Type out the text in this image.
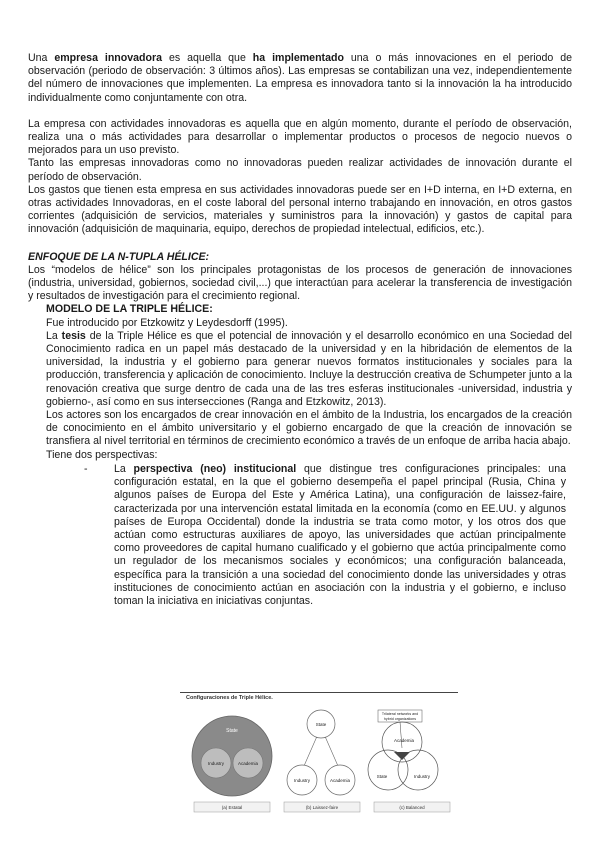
Una empresa innovadora es aquella que ha implementado una o más innovaciones en el periodo de observación (periodo de observación: 3 últimos años). Las empresas se contabilizan una vez, independientemente del número de innovaciones que implementen. La empresa es innovadora tanto si la innovación la ha introducido individualmente como conjuntamente con otra.

La empresa con actividades innovadoras es aquella que en algún momento, durante el período de observación, realiza una o más actividades para desarrollar o implementar productos o procesos de negocio nuevos o mejorados para un uso previsto.

Tanto las empresas innovadoras como no innovadoras pueden realizar actividades de innovación durante el período de observación.

Los gastos que tienen esta empresa en sus actividades innovadoras puede ser en I+D interna, en I+D externa, en otras actividades Innovadoras, en el coste laboral del personal interno trabajando en innovación, en otros gastos corrientes (adquisición de servicios, materiales y suministros para la innovación) y gastos de capital para innovación (adquisición de maquinaria, equipo, derechos de propiedad intelectual, edificios, etc.).

ENFOQUE DE LA N-TUPLA HÉLICE:

Los “modelos de hélice” son los principales protagonistas de los procesos de generación de innovaciones (industria, universidad, gobiernos, sociedad civil,...) que interactúan para acelerar la transferencia de investigación y resultados de investigación para el crecimiento regional.

MODELO DE LA TRIPLE HÉLICE:

Fue introducido por Etzkowitz y Leydesdorff (1995).

La tesis de la Triple Hélice es que el potencial de innovación y el desarrollo económico en una Sociedad del Conocimiento radica en un papel más destacado de la universidad y en la hibridación de elementos de la universidad, la industria y el gobierno para generar nuevos formatos institucionales y sociales para la producción, transferencia y aplicación de conocimiento. Incluye la destrucción creativa de Schumpeter junto a la renovación creativa que surge dentro de cada una de las tres esferas institucionales -universidad, industria y gobierno-, así como en sus intersecciones (Ranga and Etzkowitz, 2013).

Los actores son los encargados de crear innovación en el ámbito de la Industria, los encargados de la creación de conocimiento en el ámbito universitario y el gobierno encargado de que la creación de innovación se transfiera al nivel territorial en términos de crecimiento económico a través de un enfoque de arriba hacia abajo.

Tiene dos perspectivas:

-	La perspectiva (neo) institucional que distingue tres configuraciones principales: una configuración estatal, en la que el gobierno desempeña el papel principal (Rusia, China y algunos países de Europa del Este y América Latina), una configuración de laissez-faire, caracterizada por una intervención estatal limitada en la economía (como en EE.UU. y algunos países de Europa Occidental) donde la industria se trata como motor, y los otros dos que actúan como estructuras auxiliares de apoyo, las universidades que actúan principalmente como proveedores de capital humano cualificado y el gobierno que actúa principalmente como un regulador de los mecanismos sociales y económicos; una configuración balanceada, específica para la transición a una sociedad del conocimiento donde las universidades y otras instituciones de conocimiento actúan en asociación con la industria y el gobierno, e incluso toman la iniciativa en iniciativas conjuntas.

Configuraciones de Triple Hélice.
State
Industry	Academia
(a) Estatal
State
Industry	Academia
(b) Laissez-faire
Trilateral networks and
hybrid organizations
Academia
State	Industry
(c) Balanced
